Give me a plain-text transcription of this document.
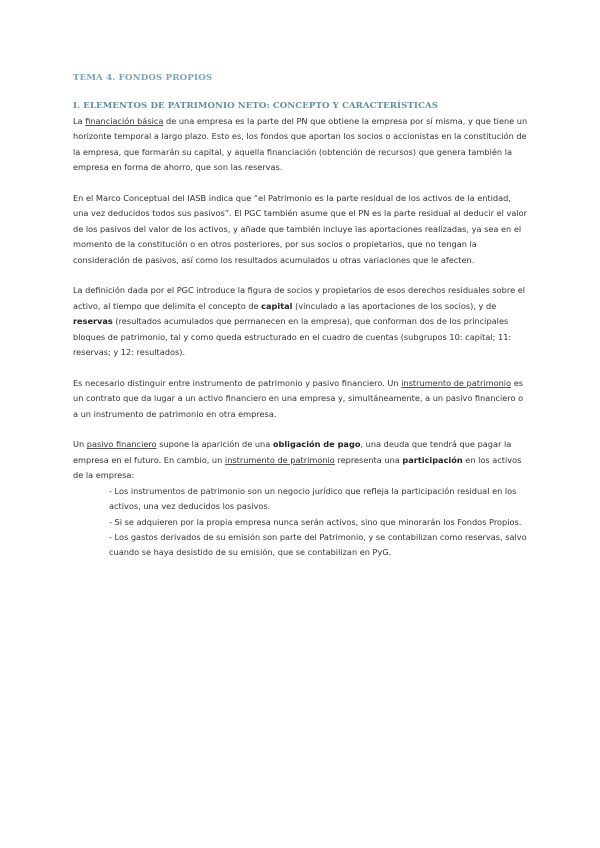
TEMA 4. FONDOS PROPIOS
I. ELEMENTOS DE PATRIMONIO NETO: CONCEPTO Y CARACTERÍSTICAS

La financiación básica de una empresa es la parte del PN que obtiene la empresa por sí misma, y que tiene un horizonte temporal a largo plazo. Esto es, los fondos que aportan los socios o accionistas en la constitución de la empresa, que formarán su capital, y aquella financiación (obtención de recursos) que genera también la empresa en forma de ahorro, que son las reservas.

En el Marco Conceptual del IASB indica que “el Patrimonio es la parte residual de los activos de la entidad, una vez deducidos todos sus pasivos”. El PGC también asume que el PN es la parte residual al deducir el valor de los pasivos del valor de los activos, y añade que también incluye las aportaciones realizadas, ya sea en el momento de la constitución o en otros posteriores, por sus socios o propietarios, que no tengan la consideración de pasivos, así como los resultados acumulados u otras variaciones que le afecten.

La definición dada por el PGC introduce la figura de socios y propietarios de esos derechos residuales sobre el activo, al tiempo que delimita el concepto de capital (vinculado a las aportaciones de los socios), y de reservas (resultados acumulados que permanecen en la empresa), que conforman dos de los principales bloques de patrimonio, tal y como queda estructurado en el cuadro de cuentas (subgrupos 10: capital; 11: reservas; y 12: resultados).

Es necesario distinguir entre instrumento de patrimonio y pasivo financiero. Un instrumento de patrimonio es un contrato que da lugar a un activo financiero en una empresa y, simultáneamente, a un pasivo financiero o a un instrumento de patrimonio en otra empresa.

Un pasivo financiero supone la aparición de una obligación de pago, una deuda que tendrá que pagar la empresa en el futuro. En cambio, un instrumento de patrimonio representa una participación en los activos de la empresa:

- Los instrumentos de patrimonio son un negocio jurídico que refleja la participación residual en los activos, una vez deducidos los pasivos.
- Si se adquieren por la propia empresa nunca serán activos, sino que minorarán los Fondos Propios.
- Los gastos derivados de su emisión son parte del Patrimonio, y se contabilizan como reservas, salvo cuando se haya desistido de su emisión, que se contabilizan en PyG.
